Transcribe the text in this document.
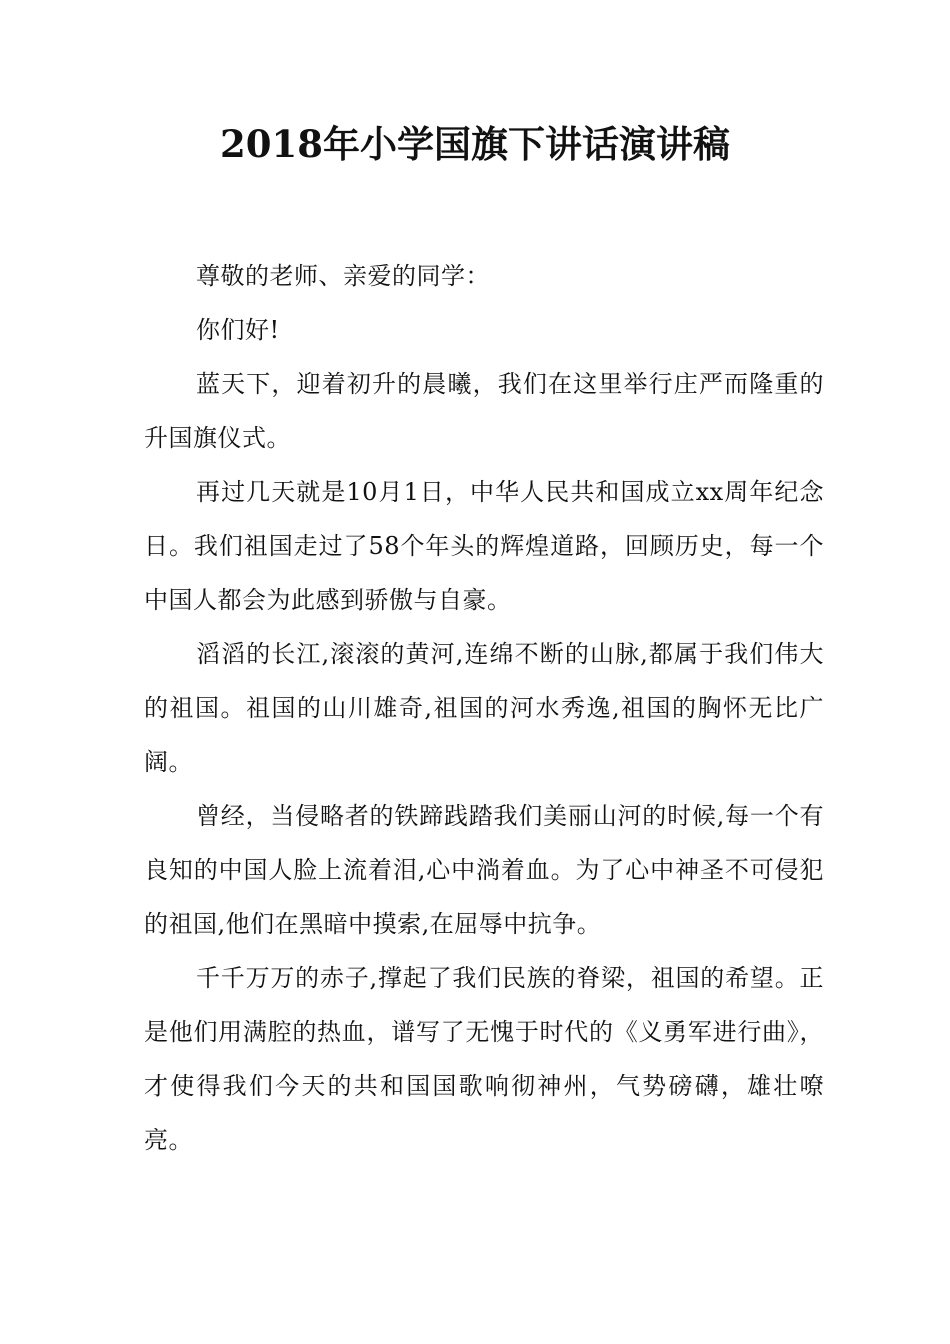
2018年小学国旗下讲话演讲稿

尊敬的老师、亲爱的同学：

你们好!

蓝天下，迎着初升的晨曦，我们在这里举行庄严而隆重的升国旗仪式。

再过几天就是10月1日，中华人民共和国成立xx周年纪念日。我们祖国走过了58个年头的辉煌道路，回顾历史，每一个中国人都会为此感到骄傲与自豪。

滔滔的长江,滚滚的黄河,连绵不断的山脉,都属于我们伟大的祖国。祖国的山川雄奇,祖国的河水秀逸,祖国的胸怀无比广阔。

曾经，当侵略者的铁蹄践踏我们美丽山河的时候,每一个有良知的中国人脸上流着泪,心中淌着血。为了心中神圣不可侵犯的祖国,他们在黑暗中摸索,在屈辱中抗争。

千千万万的赤子,撑起了我们民族的脊梁，祖国的希望。正是他们用满腔的热血，谱写了无愧于时代的《义勇军进行曲》，才使得我们今天的共和国国歌响彻神州，气势磅礴，雄壮嘹亮。
